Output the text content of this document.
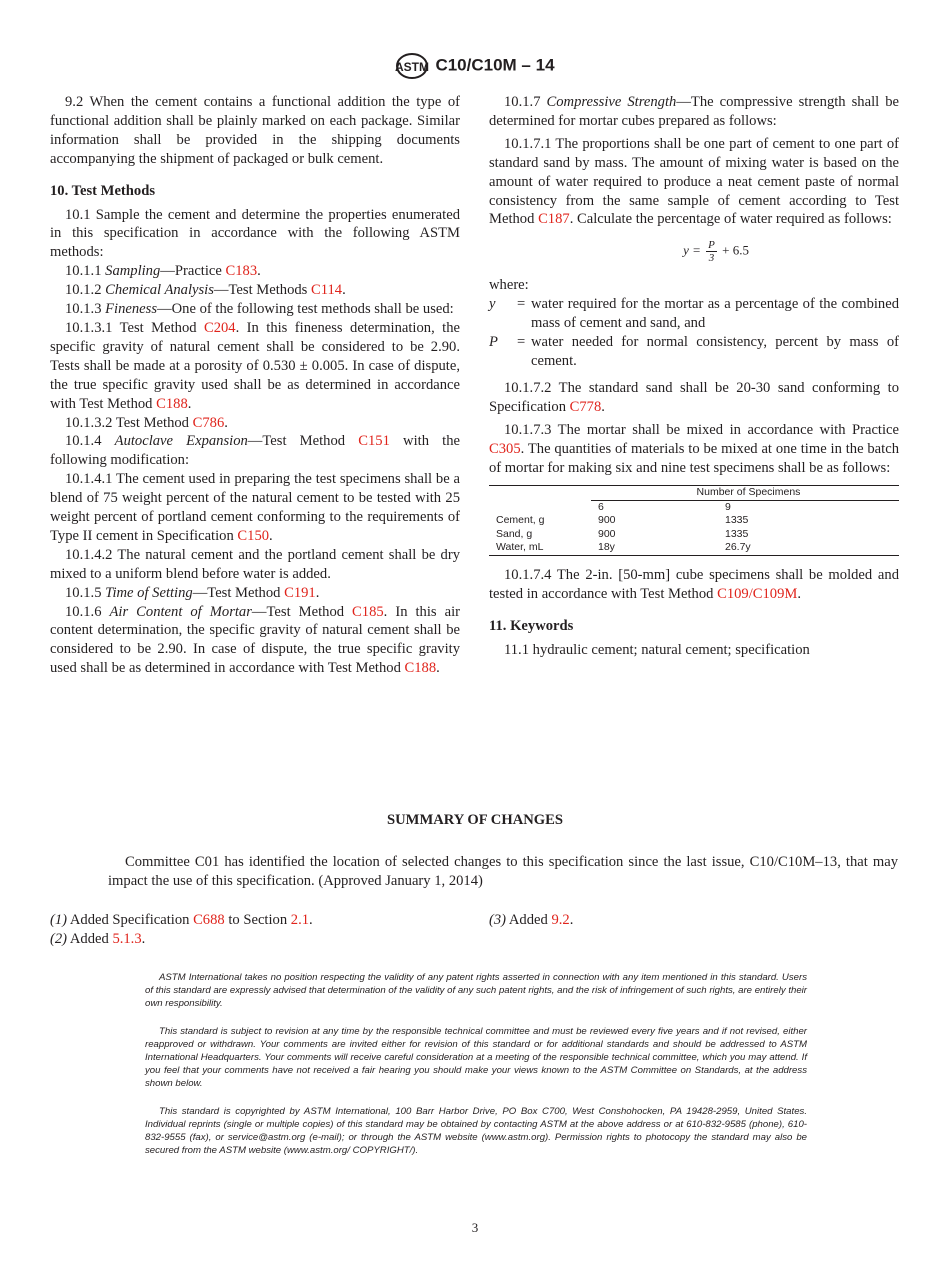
ASTM C10/C10M – 14

9.2 When the cement contains a functional addition the type of functional addition shall be plainly marked on each package. Similar information shall be provided in the shipping documents accompanying the shipment of packaged or bulk cement.

10. Test Methods

10.1 Sample the cement and determine the properties enumerated in this specification in accordance with the following ASTM methods:

10.1.1 Sampling—Practice C183.

10.1.2 Chemical Analysis—Test Methods C114.

10.1.3 Fineness—One of the following test methods shall be used:

10.1.3.1 Test Method C204. In this fineness determination, the specific gravity of natural cement shall be considered to be 2.90. Tests shall be made at a porosity of 0.530 ± 0.005. In case of dispute, the true specific gravity used shall be as determined in accordance with Test Method C188.

10.1.3.2 Test Method C786.

10.1.4 Autoclave Expansion—Test Method C151 with the following modification:

10.1.4.1 The cement used in preparing the test specimens shall be a blend of 75 weight percent of the natural cement to be tested with 25 weight percent of portland cement conforming to the requirements of Type II cement in Specification C150.

10.1.4.2 The natural cement and the portland cement shall be dry mixed to a uniform blend before water is added.

10.1.5 Time of Setting—Test Method C191.

10.1.6 Air Content of Mortar—Test Method C185. In this air content determination, the specific gravity of natural cement shall be considered to be 2.90. In case of dispute, the true specific gravity used shall be as determined in accordance with Test Method C188.

10.1.7 Compressive Strength—The compressive strength shall be determined for mortar cubes prepared as follows:

10.1.7.1 The proportions shall be one part of cement to one part of standard sand by mass. The amount of mixing water is based on the amount of water required to produce a neat cement paste of normal consistency from the same sample of cement according to Test Method C187. Calculate the percentage of water required as follows:

$y = \frac{P}{3} + 6.5$

where:

y	= water required for the mortar as a percentage of the combined mass of cement and sand, and
P	= water needed for normal consistency, percent by mass of cement.

10.1.7.2 The standard sand shall be 20-30 sand conforming to Specification C778.

10.1.7.3 The mortar shall be mixed in accordance with Practice C305. The quantities of materials to be mixed at one time in the batch of mortar for making six and nine test specimens shall be as follows:

	Number of Specimens	
	6	9
Cement, g	900	1335
Sand, g	900	1335
Water, mL	18y	26.7y

10.1.7.4 The 2-in. [50-mm] cube specimens shall be molded and tested in accordance with Test Method C109/C109M.

11. Keywords

11.1 hydraulic cement; natural cement; specification

SUMMARY OF CHANGES
Committee C01 has identified the location of selected changes to this specification since the last issue, C10/C10M–13, that may impact the use of this specification. (Approved January 1, 2014)
(1) Added Specification C688 to Section 2.1.
(2) Added 5.1.3.
(3) Added 9.2.

ASTM International takes no position respecting the validity of any patent rights asserted in connection with any item mentioned in this standard. Users of this standard are expressly advised that determination of the validity of any such patent rights, and the risk of infringement of such rights, are entirely their own responsibility.

This standard is subject to revision at any time by the responsible technical committee and must be reviewed every five years and if not revised, either reapproved or withdrawn. Your comments are invited either for revision of this standard or for additional standards and should be addressed to ASTM International Headquarters. Your comments will receive careful consideration at a meeting of the responsible technical committee, which you may attend. If you feel that your comments have not received a fair hearing you should make your views known to the ASTM Committee on Standards, at the address shown below.

This standard is copyrighted by ASTM International, 100 Barr Harbor Drive, PO Box C700, West Conshohocken, PA 19428-2959, United States. Individual reprints (single or multiple copies) of this standard may be obtained by contacting ASTM at the above address or at 610-832-9585 (phone), 610-832-9555 (fax), or service@astm.org (e-mail); or through the ASTM website (www.astm.org). Permission rights to photocopy the standard may also be secured from the ASTM website (www.astm.org/ COPYRIGHT/).

3
